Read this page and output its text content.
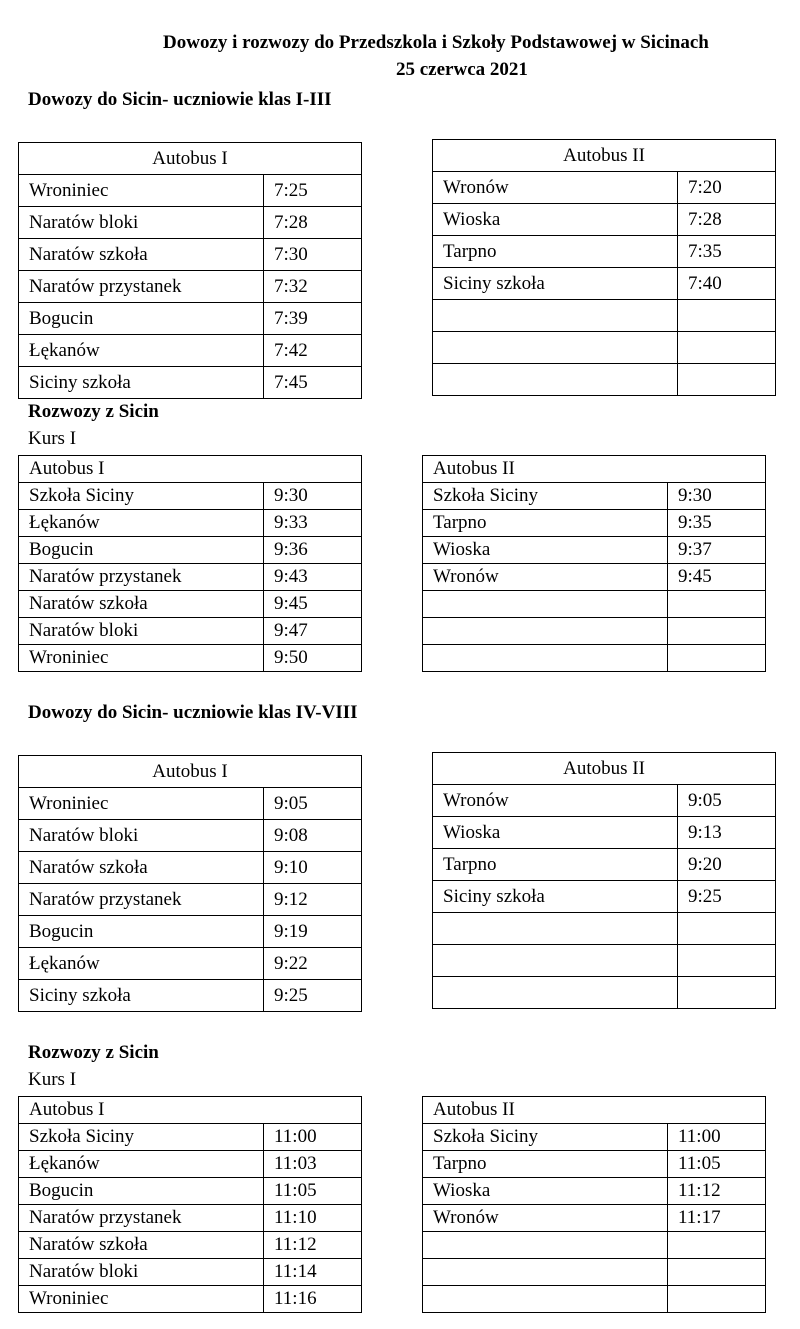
Dowozy i rozwozy do Przedszkola i Szkoły Podstawowej w Sicinach
25 czerwca 2021
Dowozy do Sicin- uczniowie klas I-III
Autobus I	
Wroniniec	7:25
Naratów bloki	7:28
Naratów szkoła	7:30
Naratów przystanek	7:32
Bogucin	7:39
Łękanów	7:42
Siciny szkoła	7:45
Autobus II	
Wronów	7:20
Wioska	7:28
Tarpno	7:35
Siciny szkoła	7:40

Rozwozy z Sicin
Kurs I
Autobus I	
Szkoła Siciny	9:30
Łękanów	9:33
Bogucin	9:36
Naratów przystanek	9:43
Naratów szkoła	9:45
Naratów bloki	9:47
Wroniniec	9:50
Autobus II	
Szkoła Siciny	9:30
Tarpno	9:35
Wioska	9:37
Wronów	9:45

Dowozy do Sicin- uczniowie klas IV-VIII
Autobus I	
Wroniniec	9:05
Naratów bloki	9:08
Naratów szkoła	9:10
Naratów przystanek	9:12
Bogucin	9:19
Łękanów	9:22
Siciny szkoła	9:25
Autobus II	
Wronów	9:05
Wioska	9:13
Tarpno	9:20
Siciny szkoła	9:25

Rozwozy z Sicin
Kurs I
Autobus I	
Szkoła Siciny	11:00
Łękanów	11:03
Bogucin	11:05
Naratów przystanek	11:10
Naratów szkoła	11:12
Naratów bloki	11:14
Wroniniec	11:16
Autobus II	
Szkoła Siciny	11:00
Tarpno	11:05
Wioska	11:12
Wronów	11:17
